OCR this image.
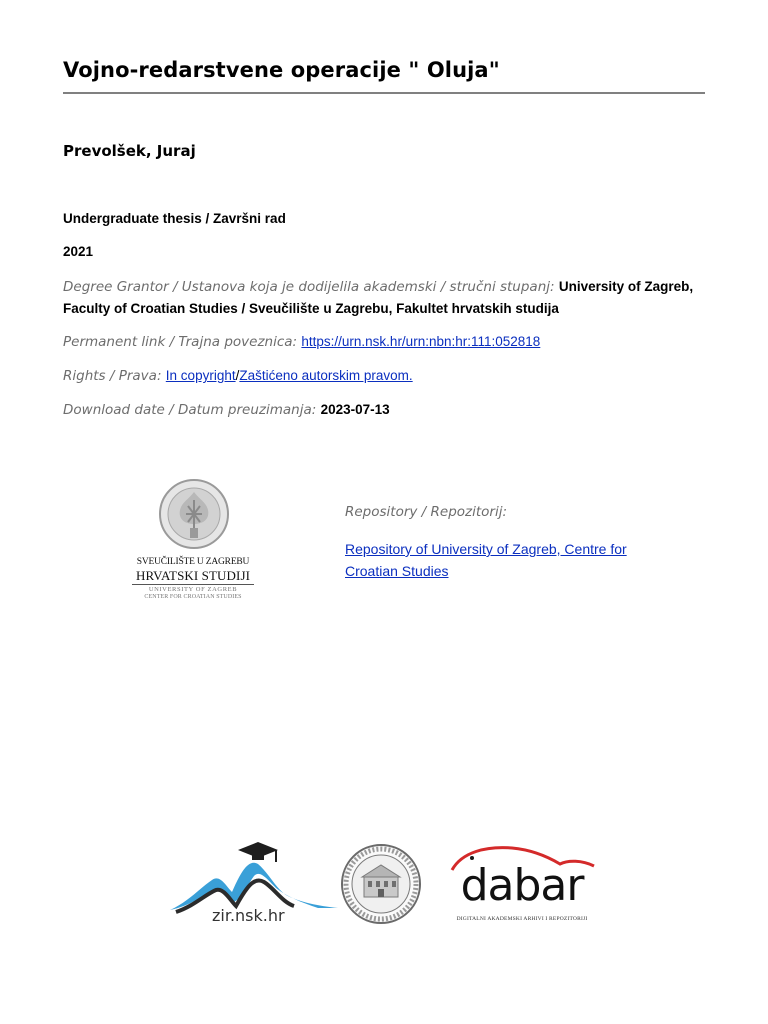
Vojno-redarstvene operacije " Oluja"
Prevolšek, Juraj
Undergraduate thesis / Završni rad
2021
Degree Grantor / Ustanova koja je dodijelila akademski / stručni stupanj: University of Zagreb, Faculty of Croatian Studies / Sveučilište u Zagrebu, Fakultet hrvatskih studija
Permanent link / Trajna poveznica: https://urn.nsk.hr/urn:nbn:hr:111:052818
Rights / Prava: In copyright/Zaštićeno autorskim pravom.
Download date / Datum preuzimanja: 2023-07-13
SVEUČILIŠTE U ZAGREBU
HRVATSKI STUDIJI
UNIVERSITY OF ZAGREB
CENTER FOR CROATIAN STUDIES
Repository / Repozitorij:
Repository of University of Zagreb, Centre for Croatian Studies
zir.nsk.hr
dabar
DIGITALNI AKADEMSKI ARHIVI I REPOZITORIJI
